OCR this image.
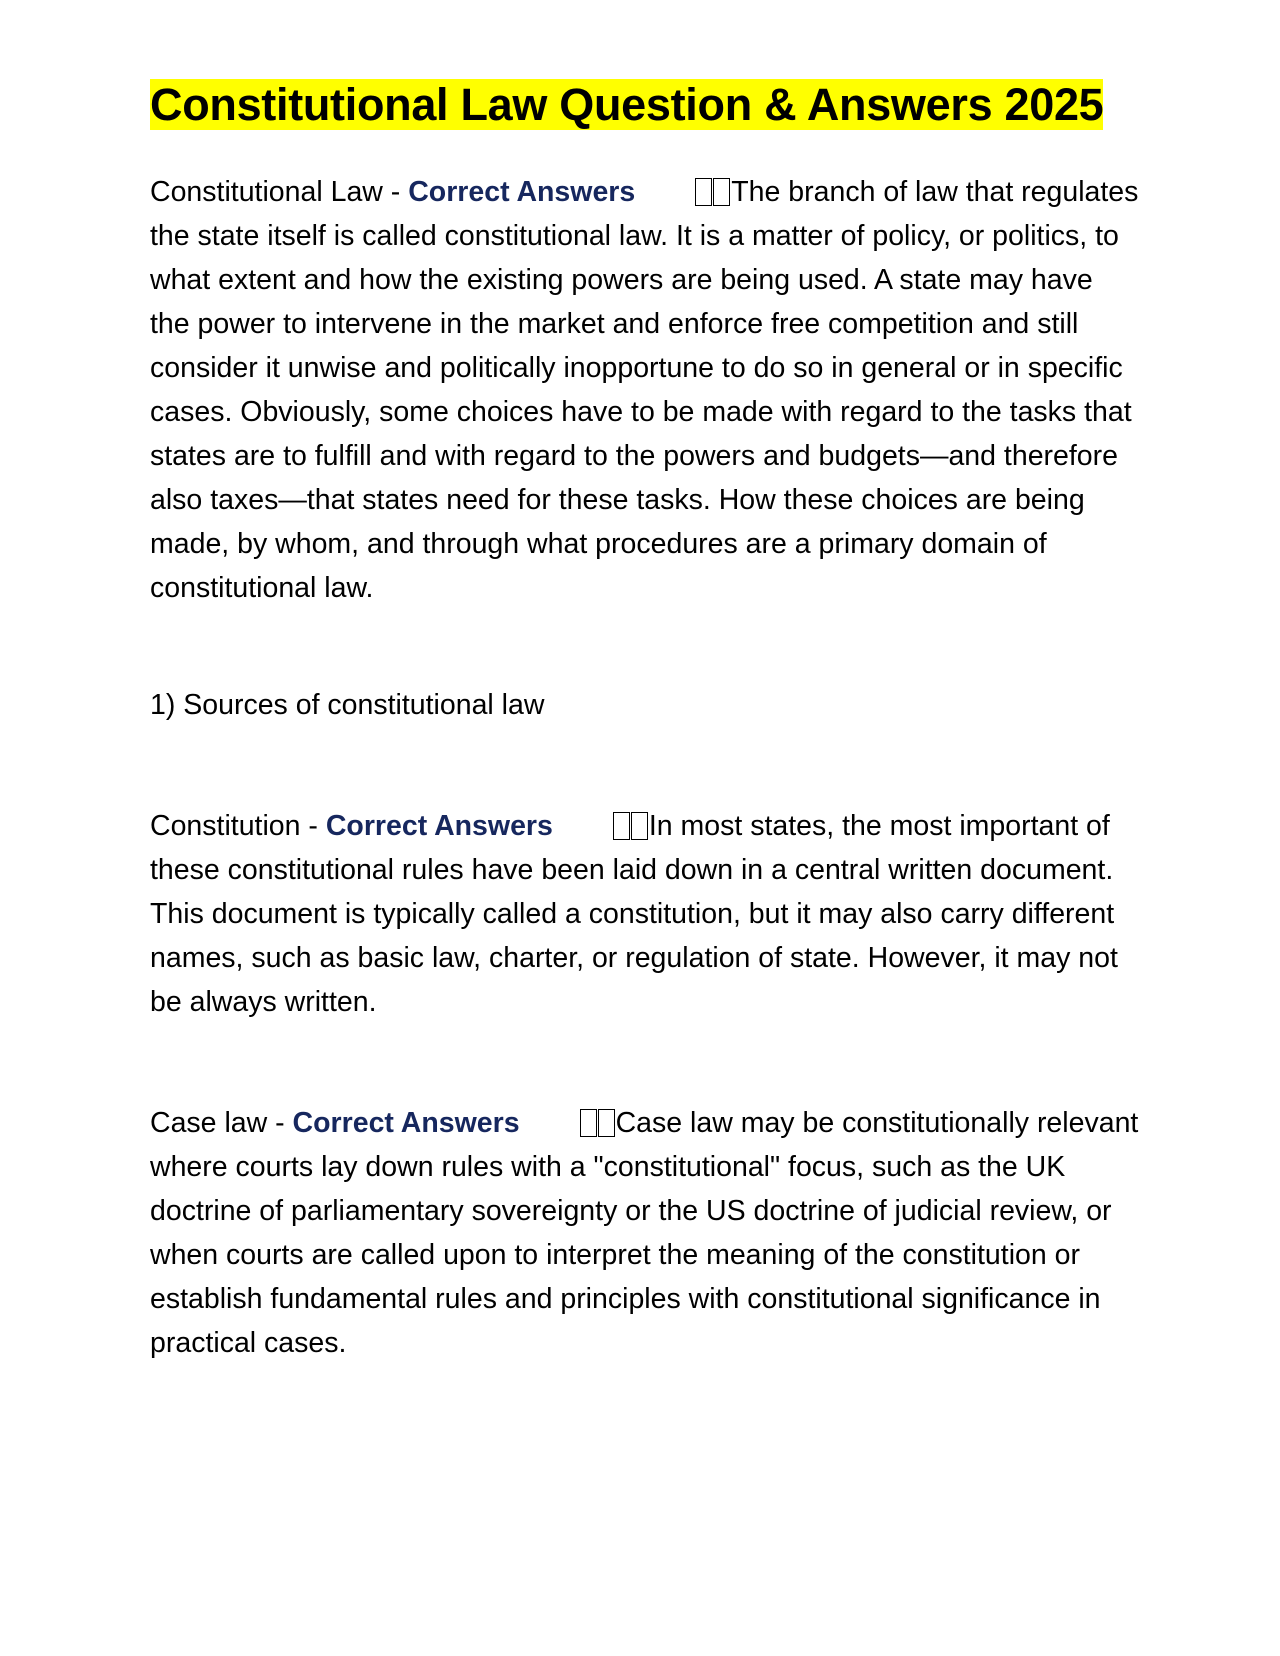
Constitutional Law Question & Answers 2025

Constitutional Law - Correct Answers	The branch of law that regulates the state itself is called constitutional law. It is a matter of policy, or politics, to what extent and how the existing powers are being used. A state may have the power to intervene in the market and enforce free competition and still consider it unwise and politically inopportune to do so in general or in specific cases. Obviously, some choices have to be made with regard to the tasks that states are to fulfill and with regard to the powers and budgets—and therefore also taxes—that states need for these tasks. How these choices are being made, by whom, and through what procedures are a primary domain of constitutional law.

1) Sources of constitutional law

Constitution - Correct Answers	In most states, the most important of these constitutional rules have been laid down in a central written document. This document is typically called a constitution, but it may also carry different names, such as basic law, charter, or regulation of state. However, it may not be always written.

Case law - Correct Answers	Case law may be constitutionally relevant where courts lay down rules with a "constitutional" focus, such as the UK doctrine of parliamentary sovereignty or the US doctrine of judicial review, or when courts are called upon to interpret the meaning of the constitution or establish fundamental rules and principles with constitutional significance in practical cases.
